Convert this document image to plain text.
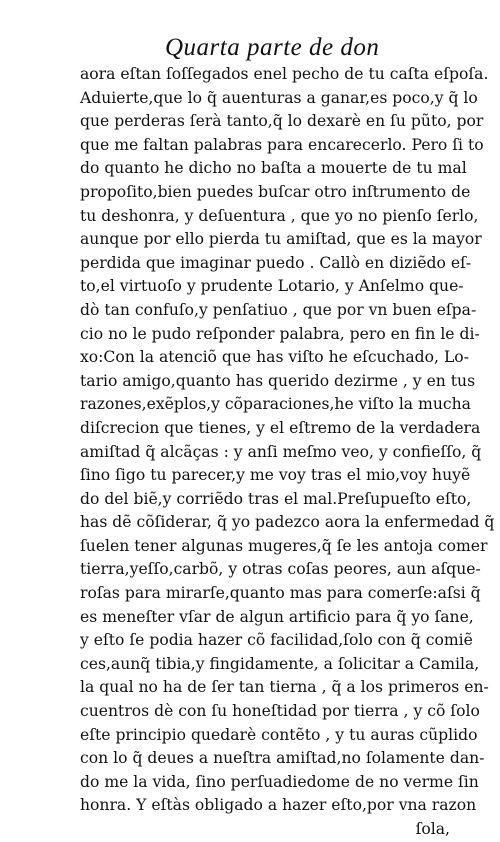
Quarta parte de don
aora eſtan ſoſſegados enel pecho de tu caſta eſpoſa.
Aduierte,que lo q̃ auenturas a ganar,es poco,y q̃ lo
que perderas ſerà tanto,q̃ lo dexarè en ſu pũto, por
que me faltan palabras para encarecerlo. Pero ſi to
do quanto he dicho no baſta a mouerte de tu mal
propoſito,bien puedes buſcar otro inſtrumento de
tu deshonra, y deſuentura , que yo no pienſo ſerlo,
aunque por ello pierda tu amiſtad, que es la mayor
perdida que imaginar puedo . Callò en diziẽdo eſ-
to,el virtuoſo y prudente Lotario, y Anſelmo que-
dò tan confuſo,y penſatiuo , que por vn buen eſpa-
cio no le pudo reſponder palabra, pero en fin le di-
xo:Con la atenciõ que has viſto he eſcuchado, Lo-
tario amigo,quanto has querido dezirme , y en tus
razones,exẽplos,y cõparaciones,he viſto la mucha
diſcrecion que tienes, y el eſtremo de la verdadera
amiſtad q̃ alcãças : y anſi meſmo veo, y confieſſo, q̃
ſino ſigo tu parecer,y me voy tras el mio,voy huyẽ
do del biẽ,y corriẽdo tras el mal.Preſupueſto eſto,
has dẽ cõſiderar, q̃ yo padezco aora la enfermedad q̃
ſuelen tener algunas mugeres,q̃ ſe les antoja comer
tierra,yeſſo,carbõ, y otras coſas peores, aun aſque-
roſas para mirarſe,quanto mas para comerſe:aſsi q̃
es meneſter vſar de algun artificio para q̃ yo ſane,
y eſto ſe podia hazer cõ facilidad,ſolo con q̃ comiẽ
ces,aunq̃ tibia,y fingidamente, a ſolicitar a Camila,
la qual no ha de ſer tan tierna , q̃ a los primeros en-
cuentros dè con ſu honeſtidad por tierra , y cõ ſolo
eſte principio quedarè contẽto , y tu auras cũplido
con lo q̃ deues a nueſtra amiſtad,no ſolamente dan-
do me la vida, ſino perſuadiedome de no verme ſin
honra. Y eſtàs obligado a hazer eſto,por vna razon
ſola,
